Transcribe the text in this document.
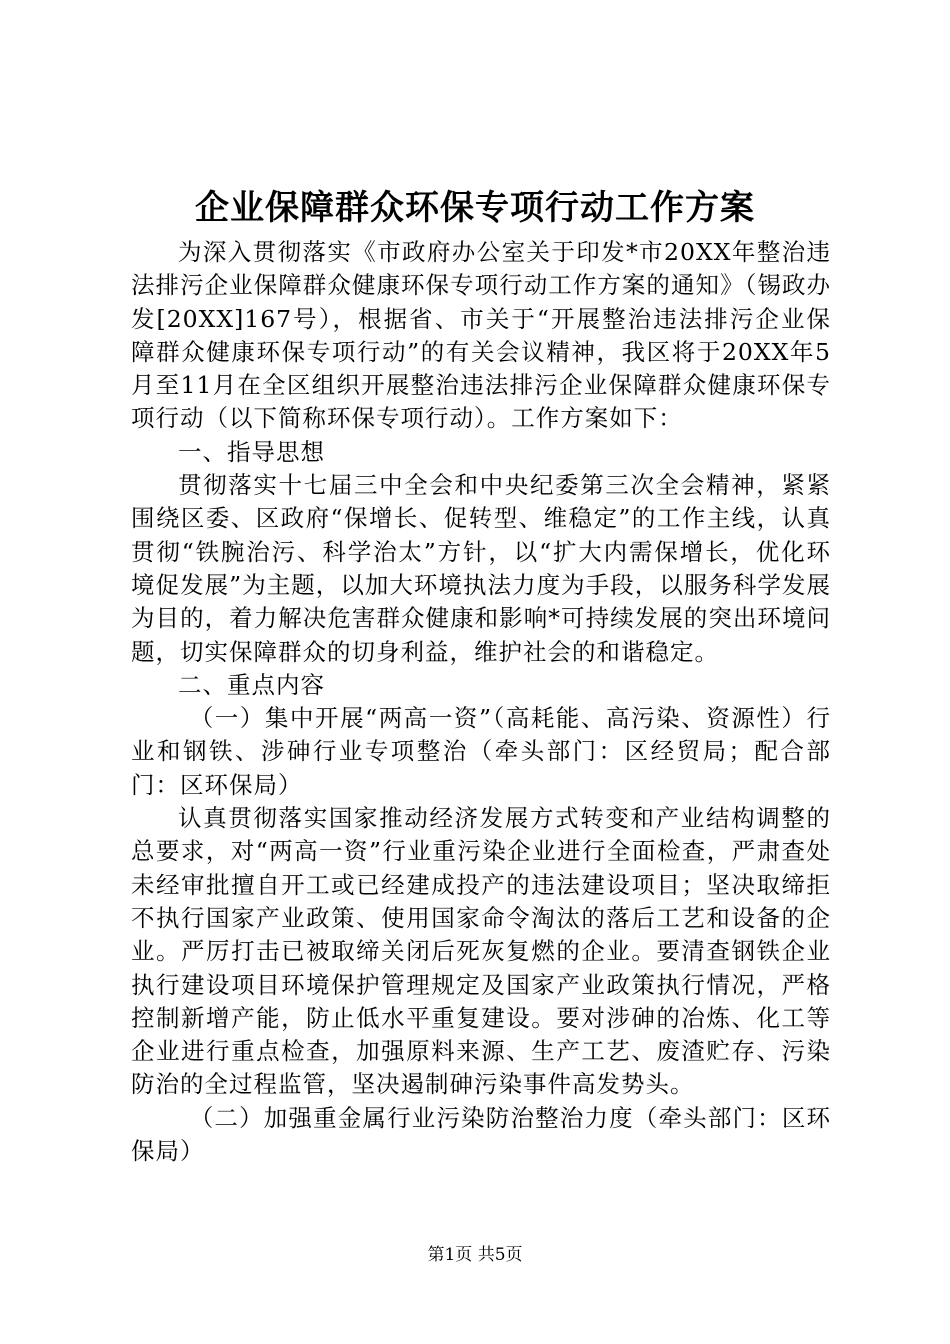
企业保障群众环保专项行动工作方案

为深入贯彻落实《市政府办公室关于印发*市20XX年整治违法排污企业保障群众健康环保专项行动工作方案的通知》（锡政办发[20XX]167号），根据省、市关于“开展整治违法排污企业保障群众健康环保专项行动”的有关会议精神，我区将于20XX年5月至11月在全区组织开展整治违法排污企业保障群众健康环保专项行动（以下简称环保专项行动）。工作方案如下：

一、指导思想

贯彻落实十七届三中全会和中央纪委第三次全会精神，紧紧围绕区委、区政府“保增长、促转型、维稳定”的工作主线，认真贯彻“铁腕治污、科学治太”方针，以“扩大内需保增长，优化环境促发展”为主题，以加大环境执法力度为手段，以服务科学发展为目的，着力解决危害群众健康和影响*可持续发展的突出环境问题，切实保障群众的切身利益，维护社会的和谐稳定。

二、重点内容

（一）集中开展“两高一资”（高耗能、高污染、资源性）行业和钢铁、涉砷行业专项整治（牵头部门：区经贸局；配合部门：区环保局）

认真贯彻落实国家推动经济发展方式转变和产业结构调整的总要求，对“两高一资”行业重污染企业进行全面检查，严肃查处未经审批擅自开工或已经建成投产的违法建设项目；坚决取缔拒不执行国家产业政策、使用国家命令淘汰的落后工艺和设备的企业。严厉打击已被取缔关闭后死灰复燃的企业。要清查钢铁企业执行建设项目环境保护管理规定及国家产业政策执行情况，严格控制新增产能，防止低水平重复建设。要对涉砷的冶炼、化工等企业进行重点检查，加强原料来源、生产工艺、废渣贮存、污染防治的全过程监管，坚决遏制砷污染事件高发势头。

（二）加强重金属行业污染防治整治力度（牵头部门：区环保局）

第1页 共5页
